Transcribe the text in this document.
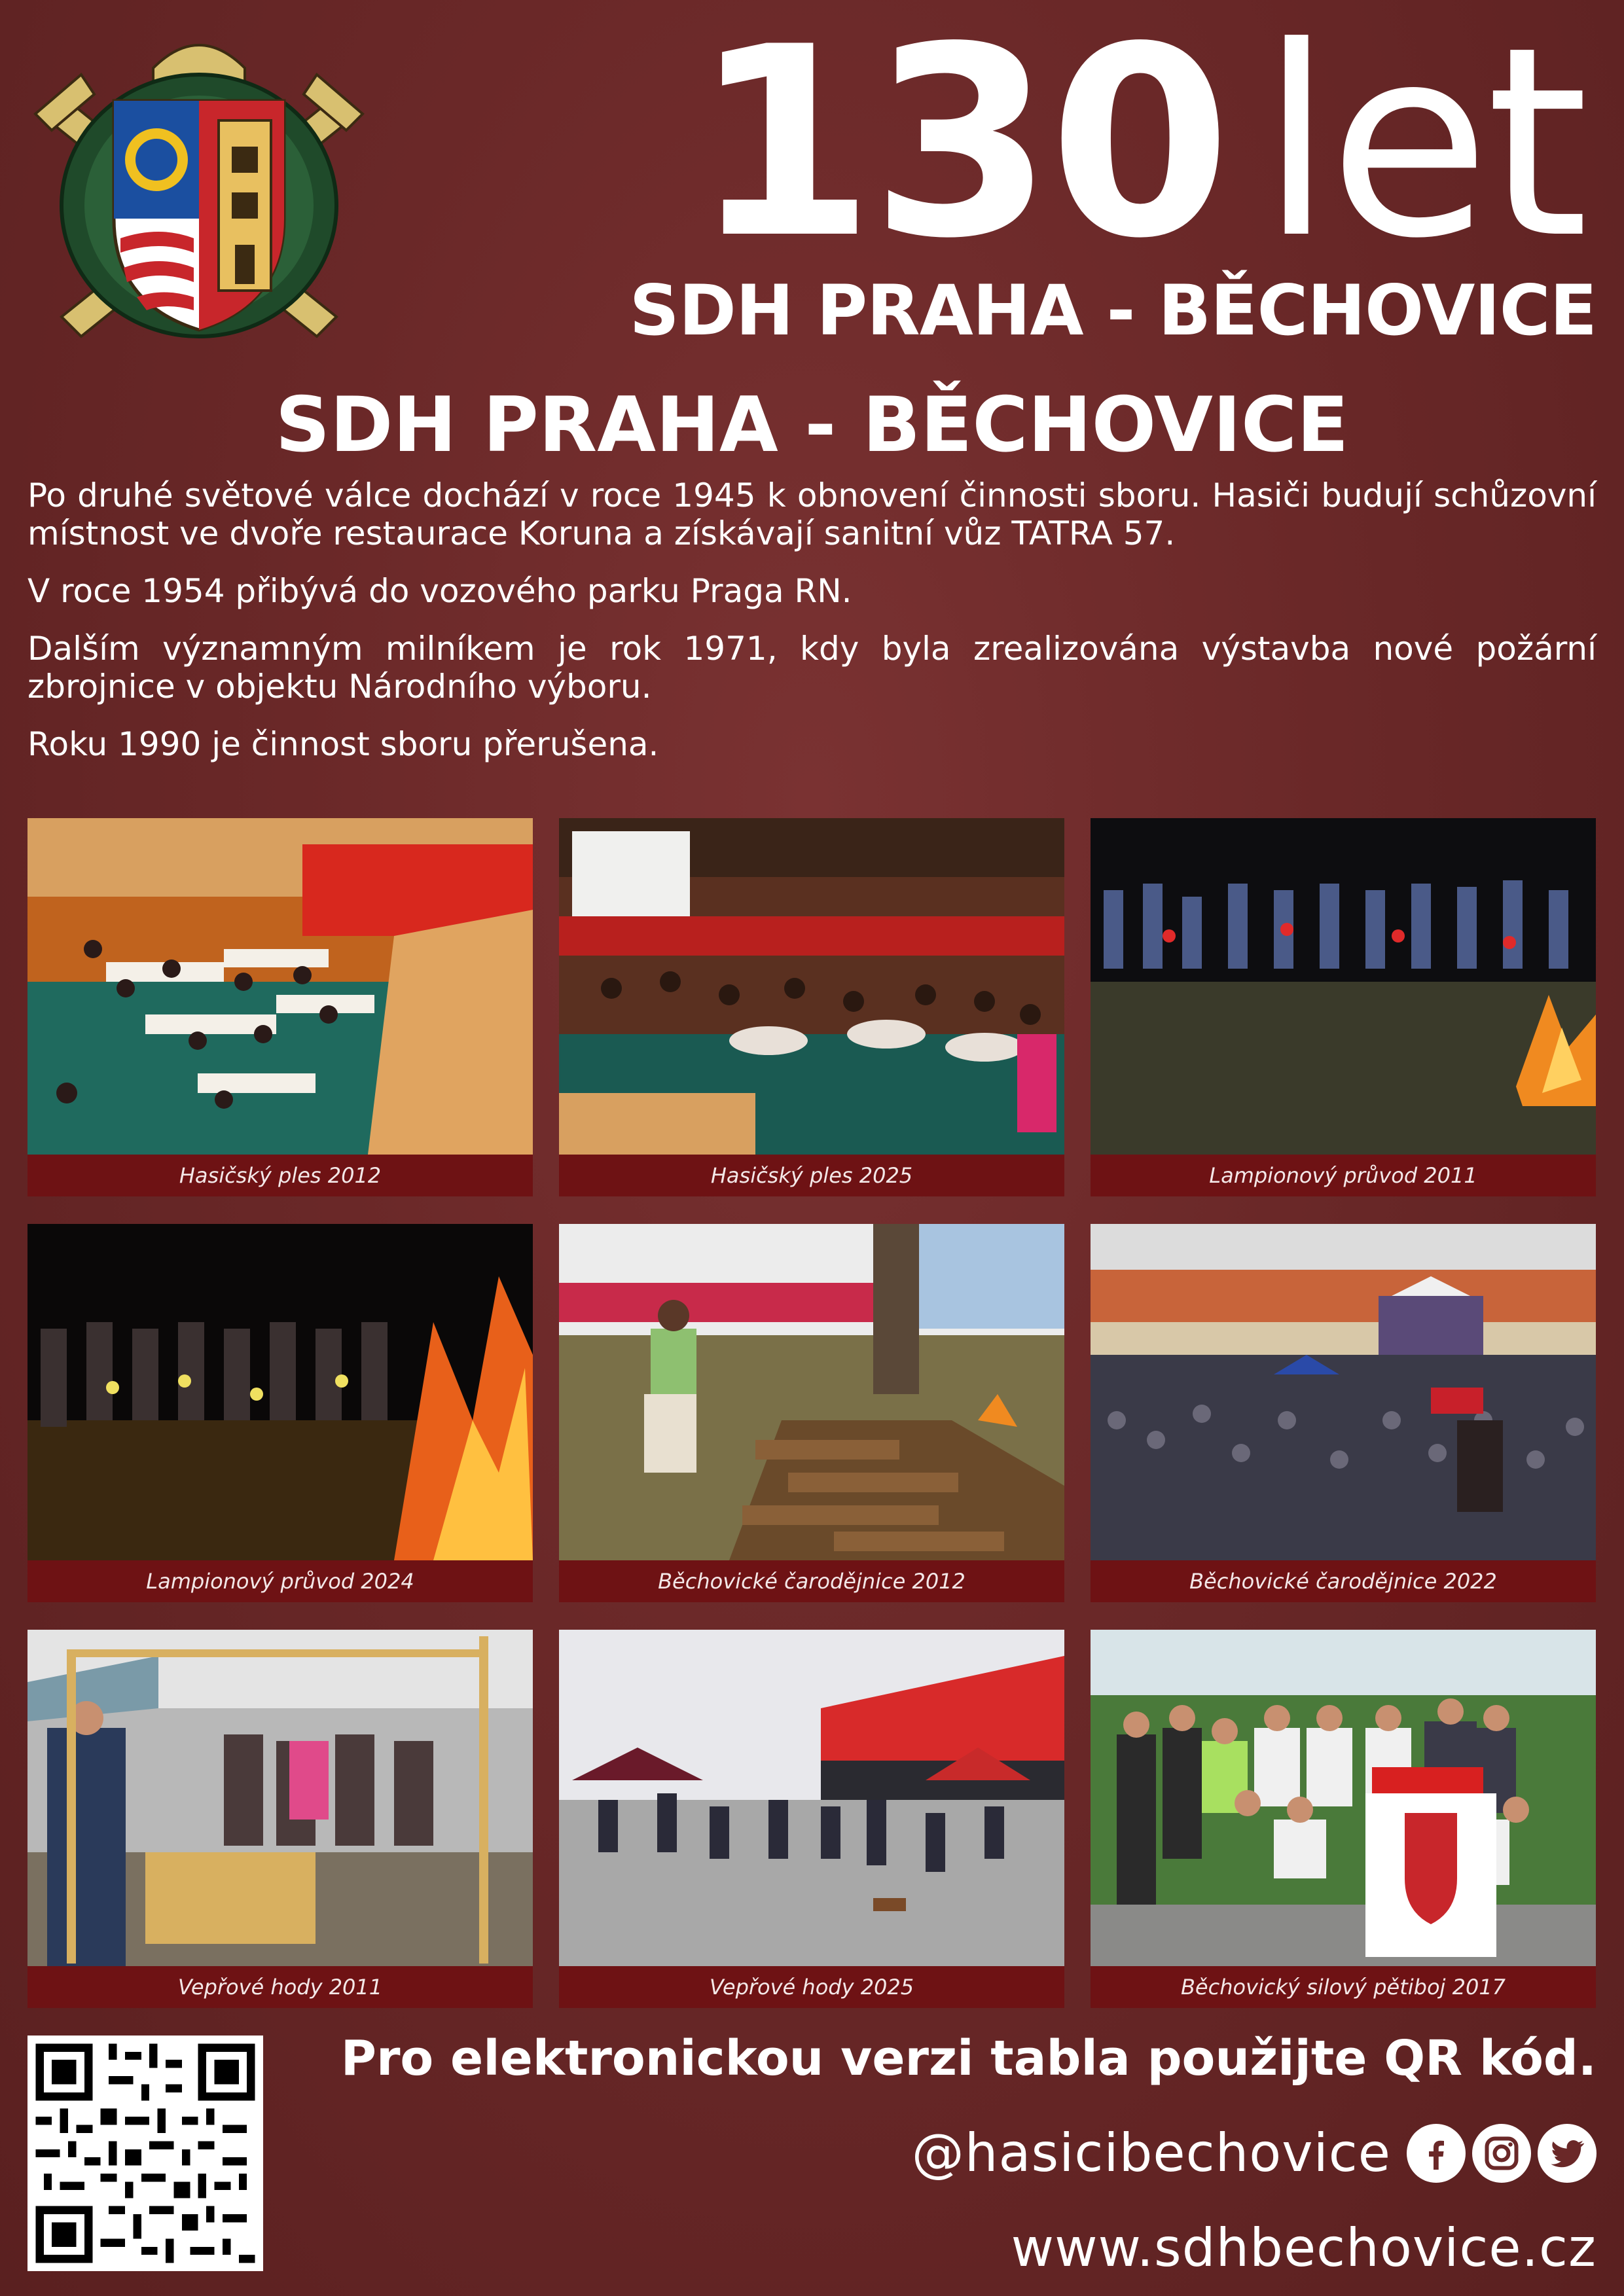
130 let
SDH PRAHA - BĚCHOVICE
SDH PRAHA - BĚCHOVICE

Po druhé světové válce dochází v roce 1945 k obnovení činnosti sboru. Hasiči budují schůzovní místnost ve dvoře restaurace Koruna a získávají sanitní vůz TATRA 57.

V roce 1954 přibývá do vozového parku Praga RN.

Dalším významným milníkem je rok 1971, kdy byla zrealizována výstavba nové požární zbrojnice v objektu Národního výboru.

Roku 1990 je činnost sboru přerušena.

Hasičský ples 2012	Hasičský ples 2025	Lampionový průvod 2011
Lampionový průvod 2024	Běchovické čarodějnice 2012	Běchovické čarodějnice 2022
Vepřové hody 2011	Vepřové hody 2025	Běchovický silový pětiboj 2017
Pro elektronickou verzi tabla použijte QR kód.
@hasicibechovice
www.sdhbechovice.cz
